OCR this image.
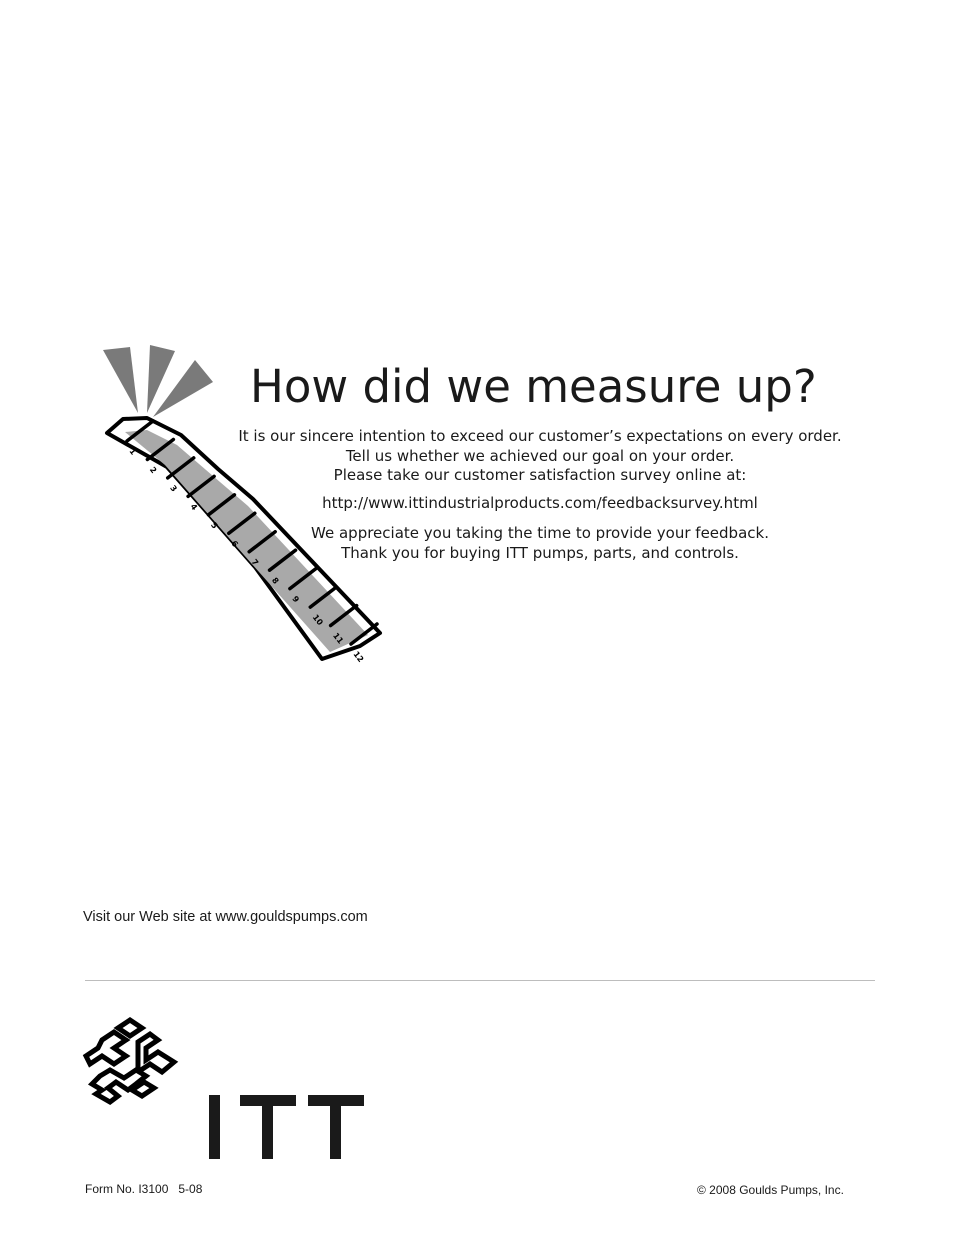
1
2
3
4
5
6
7
8
9
10
11
12
How did we measure up?
It is our sincere intention to exceed our customer’s expectations on every order.
Tell us whether we achieved our goal on your order.
Please take our customer satisfaction survey online at:
http://www.ittindustrialproducts.com/feedbacksurvey.html
We appreciate you taking the time to provide your feedback.
Thank you for buying ITT pumps, parts, and controls.
Visit our Web site at www.gouldspumps.com
Form No. I3100   5-08	© 2008 Goulds Pumps, Inc.
